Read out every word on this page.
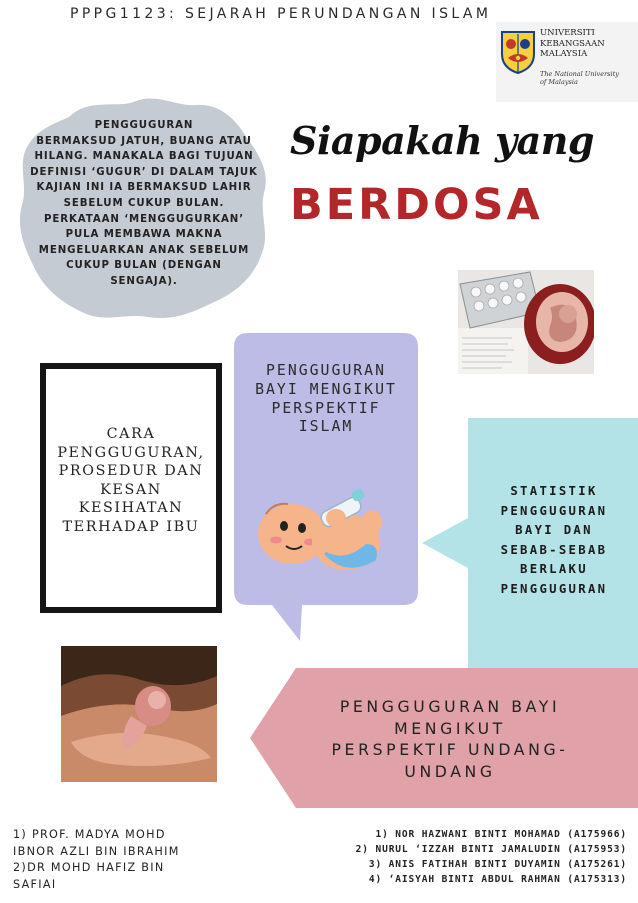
PPPG1123: SEJARAH PERUNDANGAN ISLAM
UNIVERSITI
KEBANGSAAN
MALAYSIA
The National University
of Malaysia
PENGGUGURAN
BERMAKSUD JATUH, BUANG ATAU
HILANG. MANAKALA BAGI TUJUAN
DEFINISI ‘GUGUR’ DI DALAM TAJUK
KAJIAN INI IA BERMAKSUD LAHIR
SEBELUM CUKUP BULAN.
PERKATAAN ‘MENGGUGURKAN’
PULA MEMBAWA MAKNA
MENGELUARKAN ANAK SEBELUM
CUKUP BULAN (DENGAN
SENGAJA).
Siapakah yang
BERDOSA
CARA
PENGGUGURAN,
PROSEDUR DAN
KESAN
KESIHATAN
TERHADAP IBU
PENGGUGURAN
BAYI MENGIKUT
PERSPEKTIF
ISLAM
STATISTIK
PENGGUGURAN
BAYI DAN
SEBAB-SEBAB
BERLAKU
PENGGUGURAN
PENGGUGURAN BAYI
MENGIKUT
PERSPEKTIF UNDANG-
UNDANG
1) PROF. MADYA MOHD
IBNOR AZLI BIN IBRAHIM
2)DR MOHD HAFIZ BIN
SAFIAI
1) NOR HAZWANI BINTI MOHAMAD (A175966)
2) NURUL ‘IZZAH BINTI JAMALUDIN (A175953)
3) ANIS FATIHAH BINTI DUYAMIN (A175261)
4) ‘AISYAH BINTI ABDUL RAHMAN (A175313)
